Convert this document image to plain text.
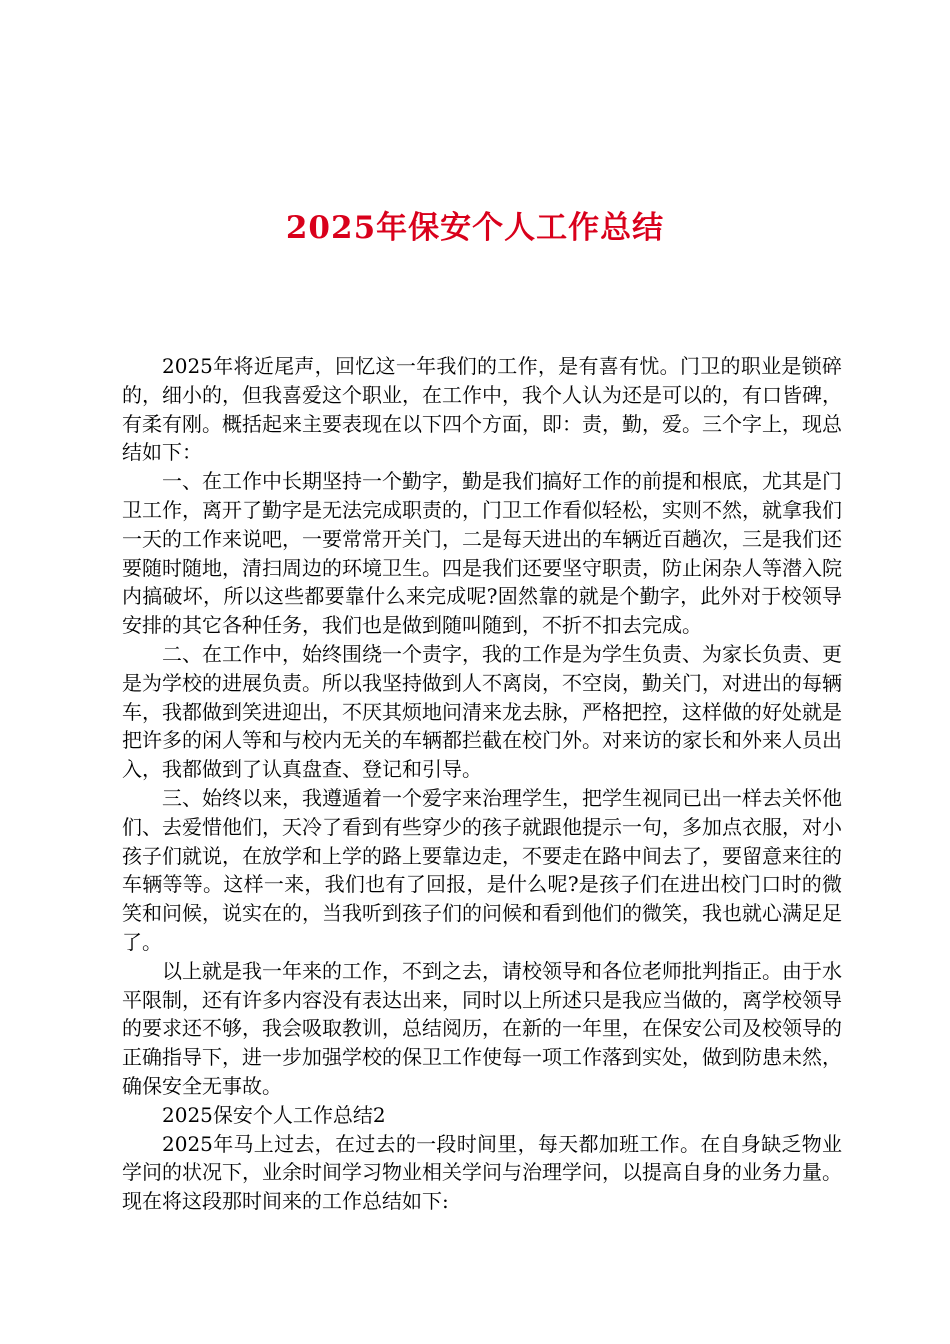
2025年保安个人工作总结

2025年将近尾声，回忆这一年我们的工作，是有喜有忧。门卫的职业是锁碎的，细小的，但我喜爱这个职业，在工作中，我个人认为还是可以的，有口皆碑，有柔有刚。概括起来主要表现在以下四个方面，即：责，勤，爱。三个字上，现总结如下：

一、在工作中长期坚持一个勤字，勤是我们搞好工作的前提和根底，尤其是门卫工作，离开了勤字是无法完成职责的，门卫工作看似轻松，实则不然，就拿我们一天的工作来说吧，一要常常开关门，二是每天进出的车辆近百趟次，三是我们还要随时随地，清扫周边的环境卫生。四是我们还要坚守职责，防止闲杂人等潜入院内搞破坏，所以这些都要靠什么来完成呢?固然靠的就是个勤字，此外对于校领导安排的其它各种任务，我们也是做到随叫随到，不折不扣去完成。

二、在工作中，始终围绕一个责字，我的工作是为学生负责、为家长负责、更是为学校的进展负责。所以我坚持做到人不离岗，不空岗，勤关门，对进出的每辆车，我都做到笑进迎出，不厌其烦地问清来龙去脉，严格把控，这样做的好处就是把许多的闲人等和与校内无关的车辆都拦截在校门外。对来访的家长和外来人员出入，我都做到了认真盘查、登记和引导。

三、始终以来，我遵遁着一个爱字来治理学生，把学生视同已出一样去关怀他们、去爱惜他们，天冷了看到有些穿少的孩子就跟他提示一句，多加点衣服，对小孩子们就说，在放学和上学的路上要靠边走，不要走在路中间去了，要留意来往的车辆等等。这样一来，我们也有了回报，是什么呢?是孩子们在进出校门口时的微笑和问候，说实在的，当我听到孩子们的问候和看到他们的微笑，我也就心满足足了。

以上就是我一年来的工作，不到之去，请校领导和各位老师批判指正。由于水平限制，还有许多内容没有表达出来，同时以上所述只是我应当做的，离学校领导的要求还不够，我会吸取教训，总结阅历，在新的一年里，在保安公司及校领导的正确指导下，进一步加强学校的保卫工作使每一项工作落到实处，做到防患未然，确保安全无事故。

2025保安个人工作总结2

2025年马上过去，在过去的一段时间里，每天都加班工作。在自身缺乏物业学问的状况下，业余时间学习物业相关学问与治理学问，以提高自身的业务力量。现在将这段那时间来的工作总结如下:
